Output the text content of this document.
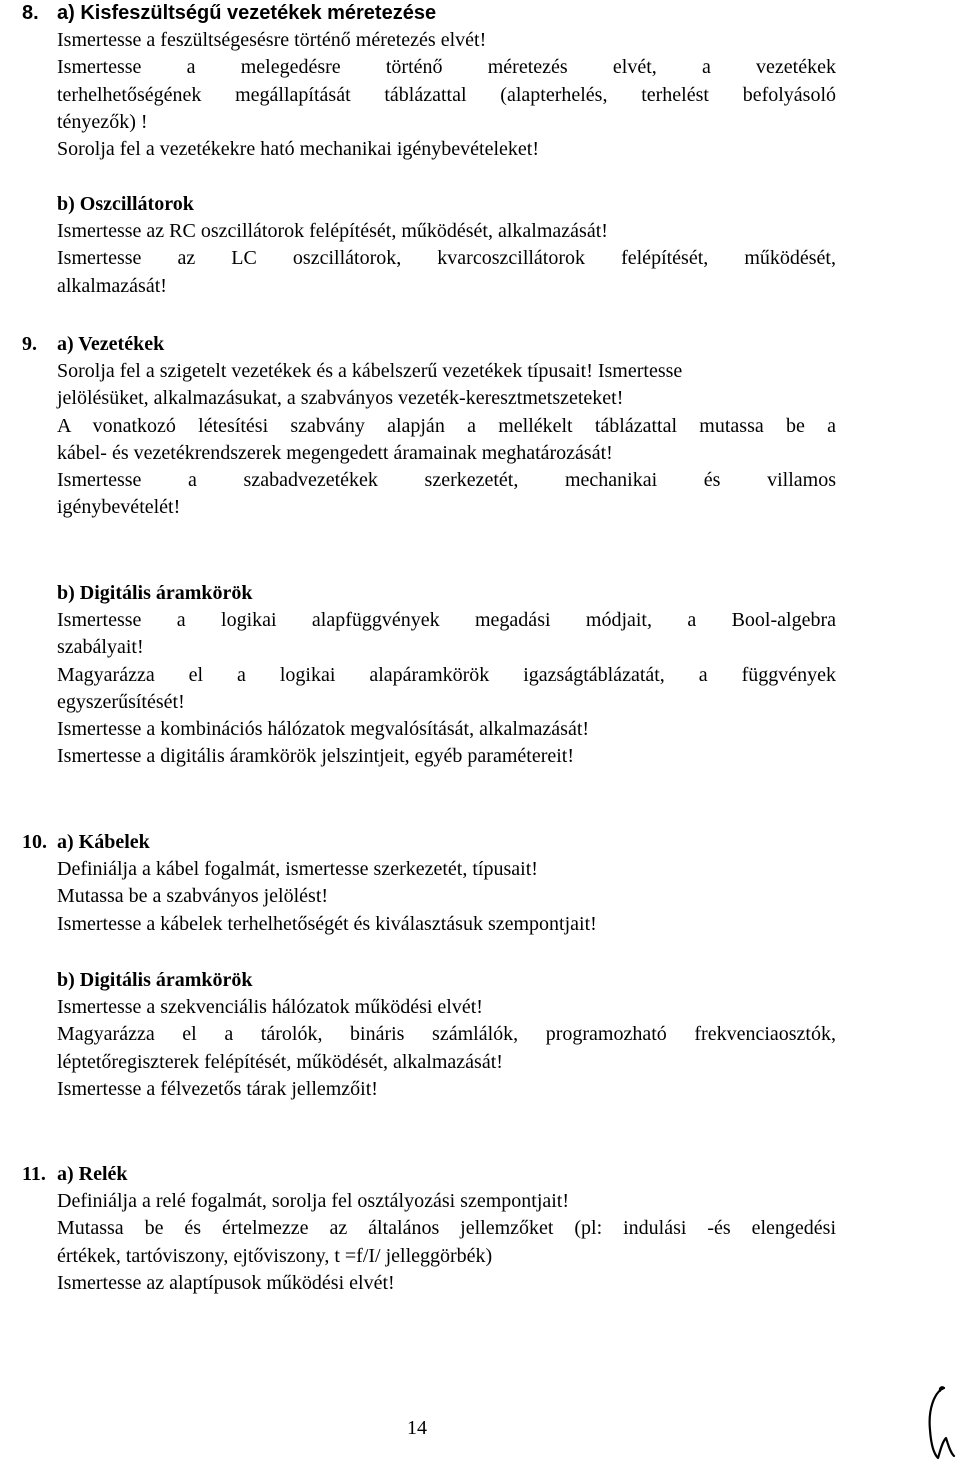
8. a) Kisfeszültségű vezetékek méretezése
Ismertesse a feszültségesésre történő méretezés elvét!
Ismertesse a melegedésre történő méretezés elvét, a vezetékek
terhelhetőségének megállapítását táblázattal (alapterhelés, terhelést befolyásoló
tényezők) !
Sorolja fel a vezetékekre ható mechanikai igénybevételeket!
b) Oszcillátorok
Ismertesse az RC oszcillátorok felépítését, működését, alkalmazását!
Ismertesse az LC oszcillátorok, kvarcoszcillátorok felépítését, működését,
alkalmazását!
9. a) Vezetékek
Sorolja fel a szigetelt vezetékek és a kábelszerű vezetékek típusait! Ismertesse
jelölésüket, alkalmazásukat, a szabványos vezeték-keresztmetszeteket!
A vonatkozó létesítési szabvány alapján a mellékelt táblázattal mutassa be a
kábel- és vezetékrendszerek megengedett áramainak meghatározását!
Ismertesse a szabadvezetékek szerkezetét, mechanikai és villamos
igénybevételét!
b) Digitális áramkörök
Ismertesse a logikai alapfüggvények megadási módjait, a Bool-algebra
szabályait!
Magyarázza el a logikai alapáramkörök igazságtáblázatát, a függvények
egyszerűsítését!
Ismertesse a kombinációs hálózatok megvalósítását, alkalmazását!
Ismertesse a digitális áramkörök jelszintjeit, egyéb paramétereit!
10. a) Kábelek
Definiálja a kábel fogalmát, ismertesse szerkezetét, típusait!
Mutassa be a szabványos jelölést!
Ismertesse a kábelek terhelhetőségét és kiválasztásuk szempontjait!
b) Digitális áramkörök
Ismertesse a szekvenciális hálózatok működési elvét!
Magyarázza el a tárolók, bináris számlálók, programozható frekvenciaosztók,
léptetőregiszterek felépítését, működését, alkalmazását!
Ismertesse a félvezetős tárak jellemzőit!
11. a) Relék
Definiálja a relé fogalmát, sorolja fel osztályozási szempontjait!
Mutassa be és értelmezze az általános jellemzőket (pl: indulási -és elengedési
értékek, tartóviszony, ejtőviszony, t =f/I/ jelleggörbék)
Ismertesse az alaptípusok működési elvét!
14
